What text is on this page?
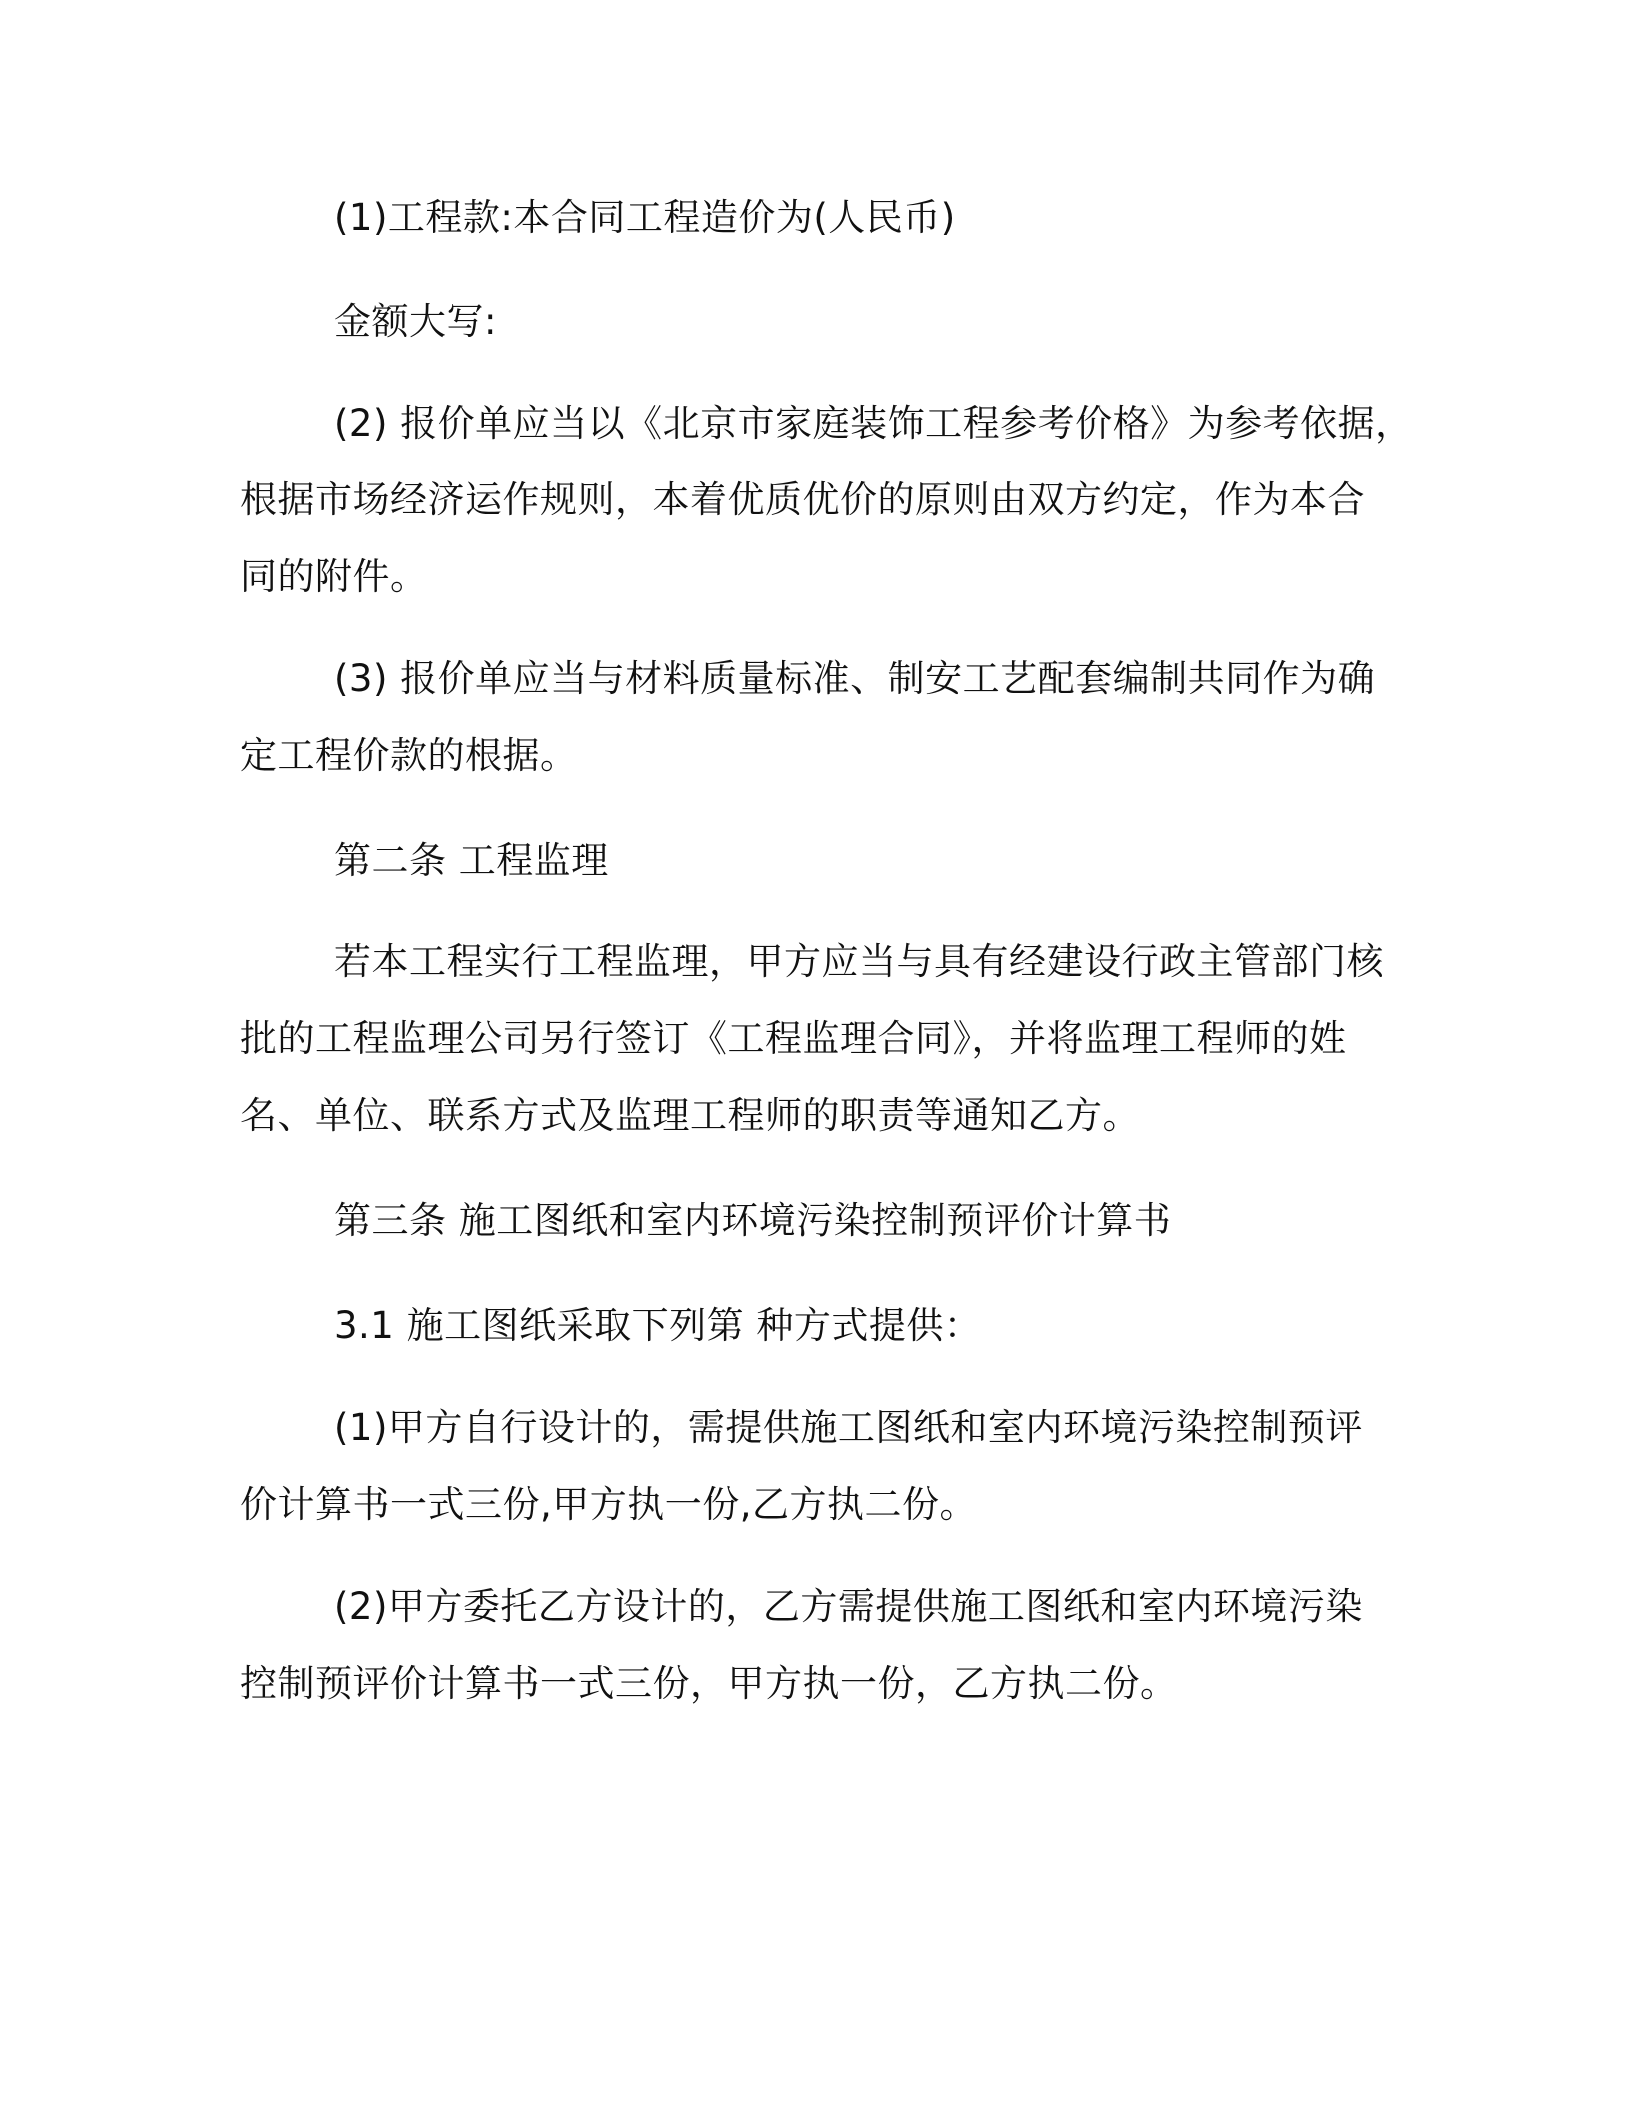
(1)工程款:本合同工程造价为(人民币)
金额大写:
(2) 报价单应当以《北京市家庭装饰工程参考价格》为参考依据，
根据市场经济运作规则，本着优质优价的原则由双方约定，作为本合
同的附件。
(3) 报价单应当与材料质量标准、制安工艺配套编制共同作为确
定工程价款的根据。
第二条 工程监理
若本工程实行工程监理，甲方应当与具有经建设行政主管部门核
批的工程监理公司另行签订《工程监理合同》，并将监理工程师的姓
名、单位、联系方式及监理工程师的职责等通知乙方。
第三条 施工图纸和室内环境污染控制预评价计算书
3.1 施工图纸采取下列第 种方式提供：
(1)甲方自行设计的，需提供施工图纸和室内环境污染控制预评
价计算书一式三份,甲方执一份,乙方执二份。
(2)甲方委托乙方设计的，乙方需提供施工图纸和室内环境污染
控制预评价计算书一式三份，甲方执一份，乙方执二份。
